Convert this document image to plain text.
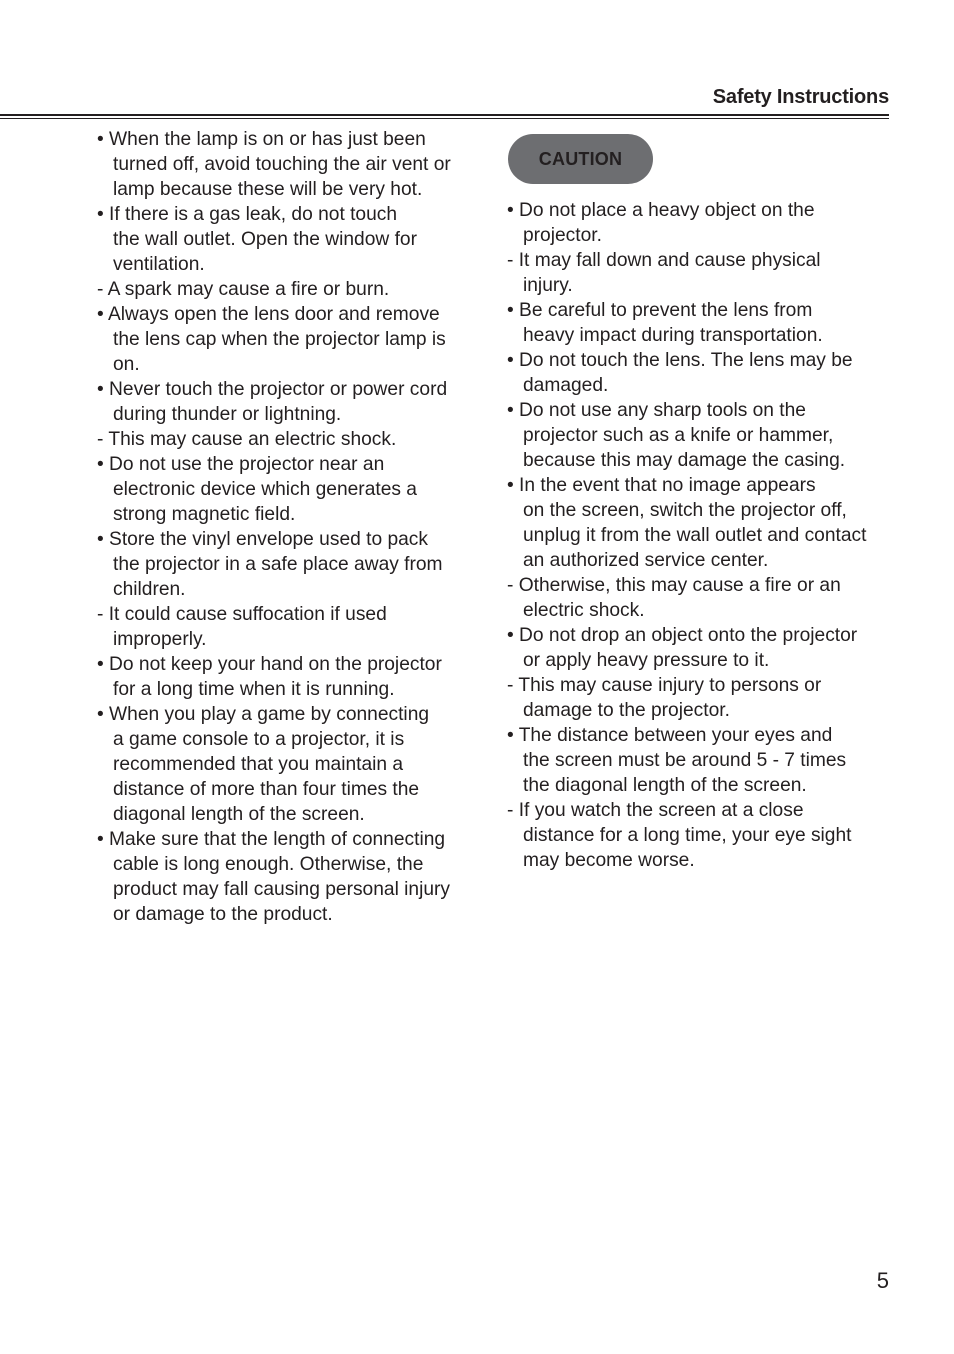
Safety Instructions
• When the lamp is on or has just been
turned off, avoid touching the air vent or
lamp because these will be very hot.
• If there is a gas leak, do not touch
the wall outlet. Open the window for
ventilation.
- A spark may cause a fire or burn.
• Always open the lens door and remove
the lens cap when the projector lamp is
on.
• Never touch the projector or power cord
during thunder or lightning.
- This may cause an electric shock.
• Do not use the projector near an
electronic device which generates a
strong magnetic field.
• Store the vinyl envelope used to pack
the projector in a safe place away from
children.
- It could cause suffocation if used
improperly.
• Do not keep your hand on the projector
for a long time when it is running.
• When you play a game by connecting
a game console to a projector, it is
recommended that you maintain a
distance of more than four times the
diagonal length of the screen.
• Make sure that the length of connecting
cable is long enough. Otherwise, the
product may fall causing personal injury
or damage to the product.
CAUTION
• Do not place a heavy object on the
projector.
- It may fall down and cause physical
injury.
• Be careful to prevent the lens from
heavy impact during transportation.
• Do not touch the lens. The lens may be
damaged.
• Do not use any sharp tools on the
projector such as a knife or hammer,
because this may damage the casing.
• In the event that no image appears
on the screen, switch the projector off,
unplug it from the wall outlet and contact
an authorized service center.
- Otherwise, this may cause a fire or an
electric shock.
• Do not drop an object onto the projector
or apply heavy pressure to it.
- This may cause injury to persons or
damage to the projector.
• The distance between your eyes and
the screen must be around 5 - 7 times
the diagonal length of the screen.
- If you watch the screen at a close
distance for a long time, your eye sight
may become worse.
5
